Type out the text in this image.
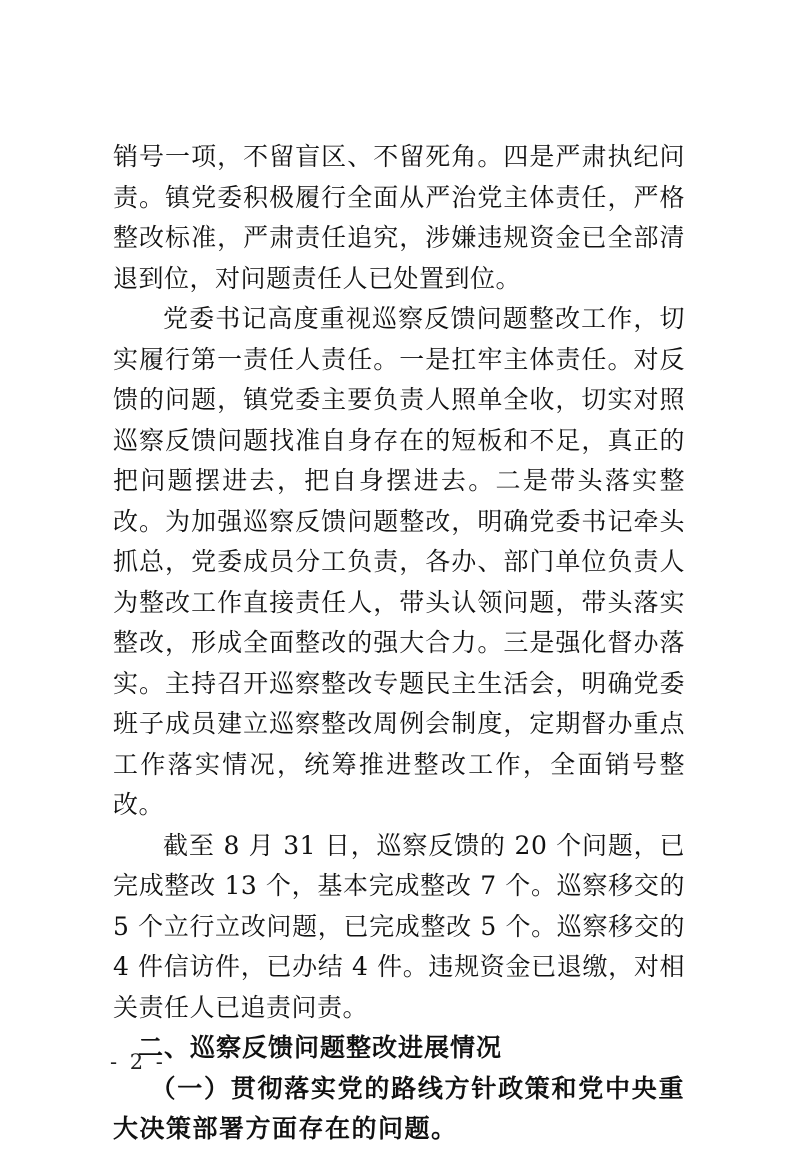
销号一项，不留盲区、不留死角。四是严肃执纪问责。镇党委积极履行全面从严治党主体责任，严格整改标准，严肃责任追究，涉嫌违规资金已全部清退到位，对问题责任人已处置到位。

党委书记高度重视巡察反馈问题整改工作，切实履行第一责任人责任。一是扛牢主体责任。对反馈的问题，镇党委主要负责人照单全收，切实对照巡察反馈问题找准自身存在的短板和不足，真正的把问题摆进去，把自身摆进去。二是带头落实整改。为加强巡察反馈问题整改，明确党委书记牵头抓总，党委成员分工负责，各办、部门单位负责人为整改工作直接责任人，带头认领问题，带头落实整改，形成全面整改的强大合力。三是强化督办落实。主持召开巡察整改专题民主生活会，明确党委班子成员建立巡察整改周例会制度，定期督办重点工作落实情况，统筹推进整改工作，全面销号整改。

截至 8 月 31 日，巡察反馈的 20 个问题，已完成整改 13 个，基本完成整改 7 个。巡察移交的 5 个立行立改问题，已完成整改 5 个。巡察移交的 4 件信访件，已办结 4 件。违规资金已退缴，对相关责任人已追责问责。

二、巡察反馈问题整改进展情况

（一）贯彻落实党的路线方针政策和党中央重大决策部署方面存在的问题。

- 2 -
